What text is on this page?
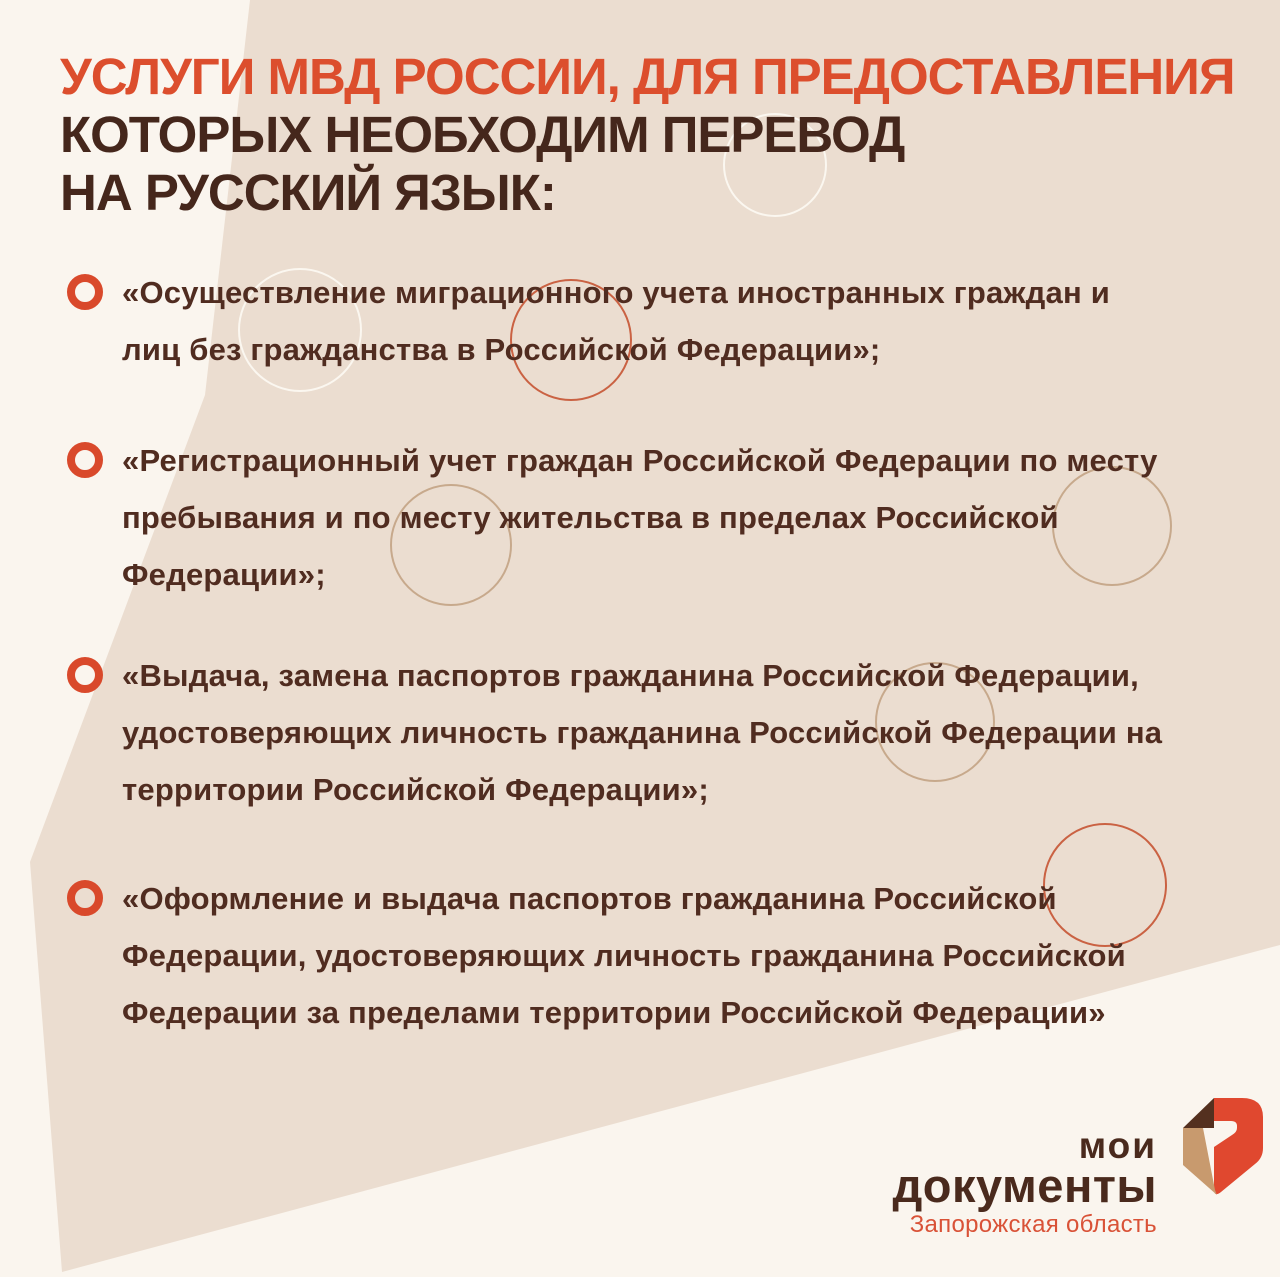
УСЛУГИ МВД РОССИИ, ДЛЯ ПРЕДОСТАВЛЕНИЯ
КОТОРЫХ НЕОБХОДИМ ПЕРЕВОД
НА РУССКИЙ ЯЗЫК:
«Осуществление миграционного учета иностранных граждан и
лиц без гражданства в Российской Федерации»;
«Регистрационный учет граждан Российской Федерации по месту
пребывания и по месту жительства в пределах Российской
Федерации»;
«Выдача, замена паспортов гражданина Российской Федерации,
удостоверяющих личность гражданина Российской Федерации на
территории Российской Федерации»;
«Оформление и выдача паспортов гражданина Российской
Федерации, удостоверяющих личность гражданина Российской
Федерации за пределами территории Российской Федерации»
мои
документы
Запорожская область
